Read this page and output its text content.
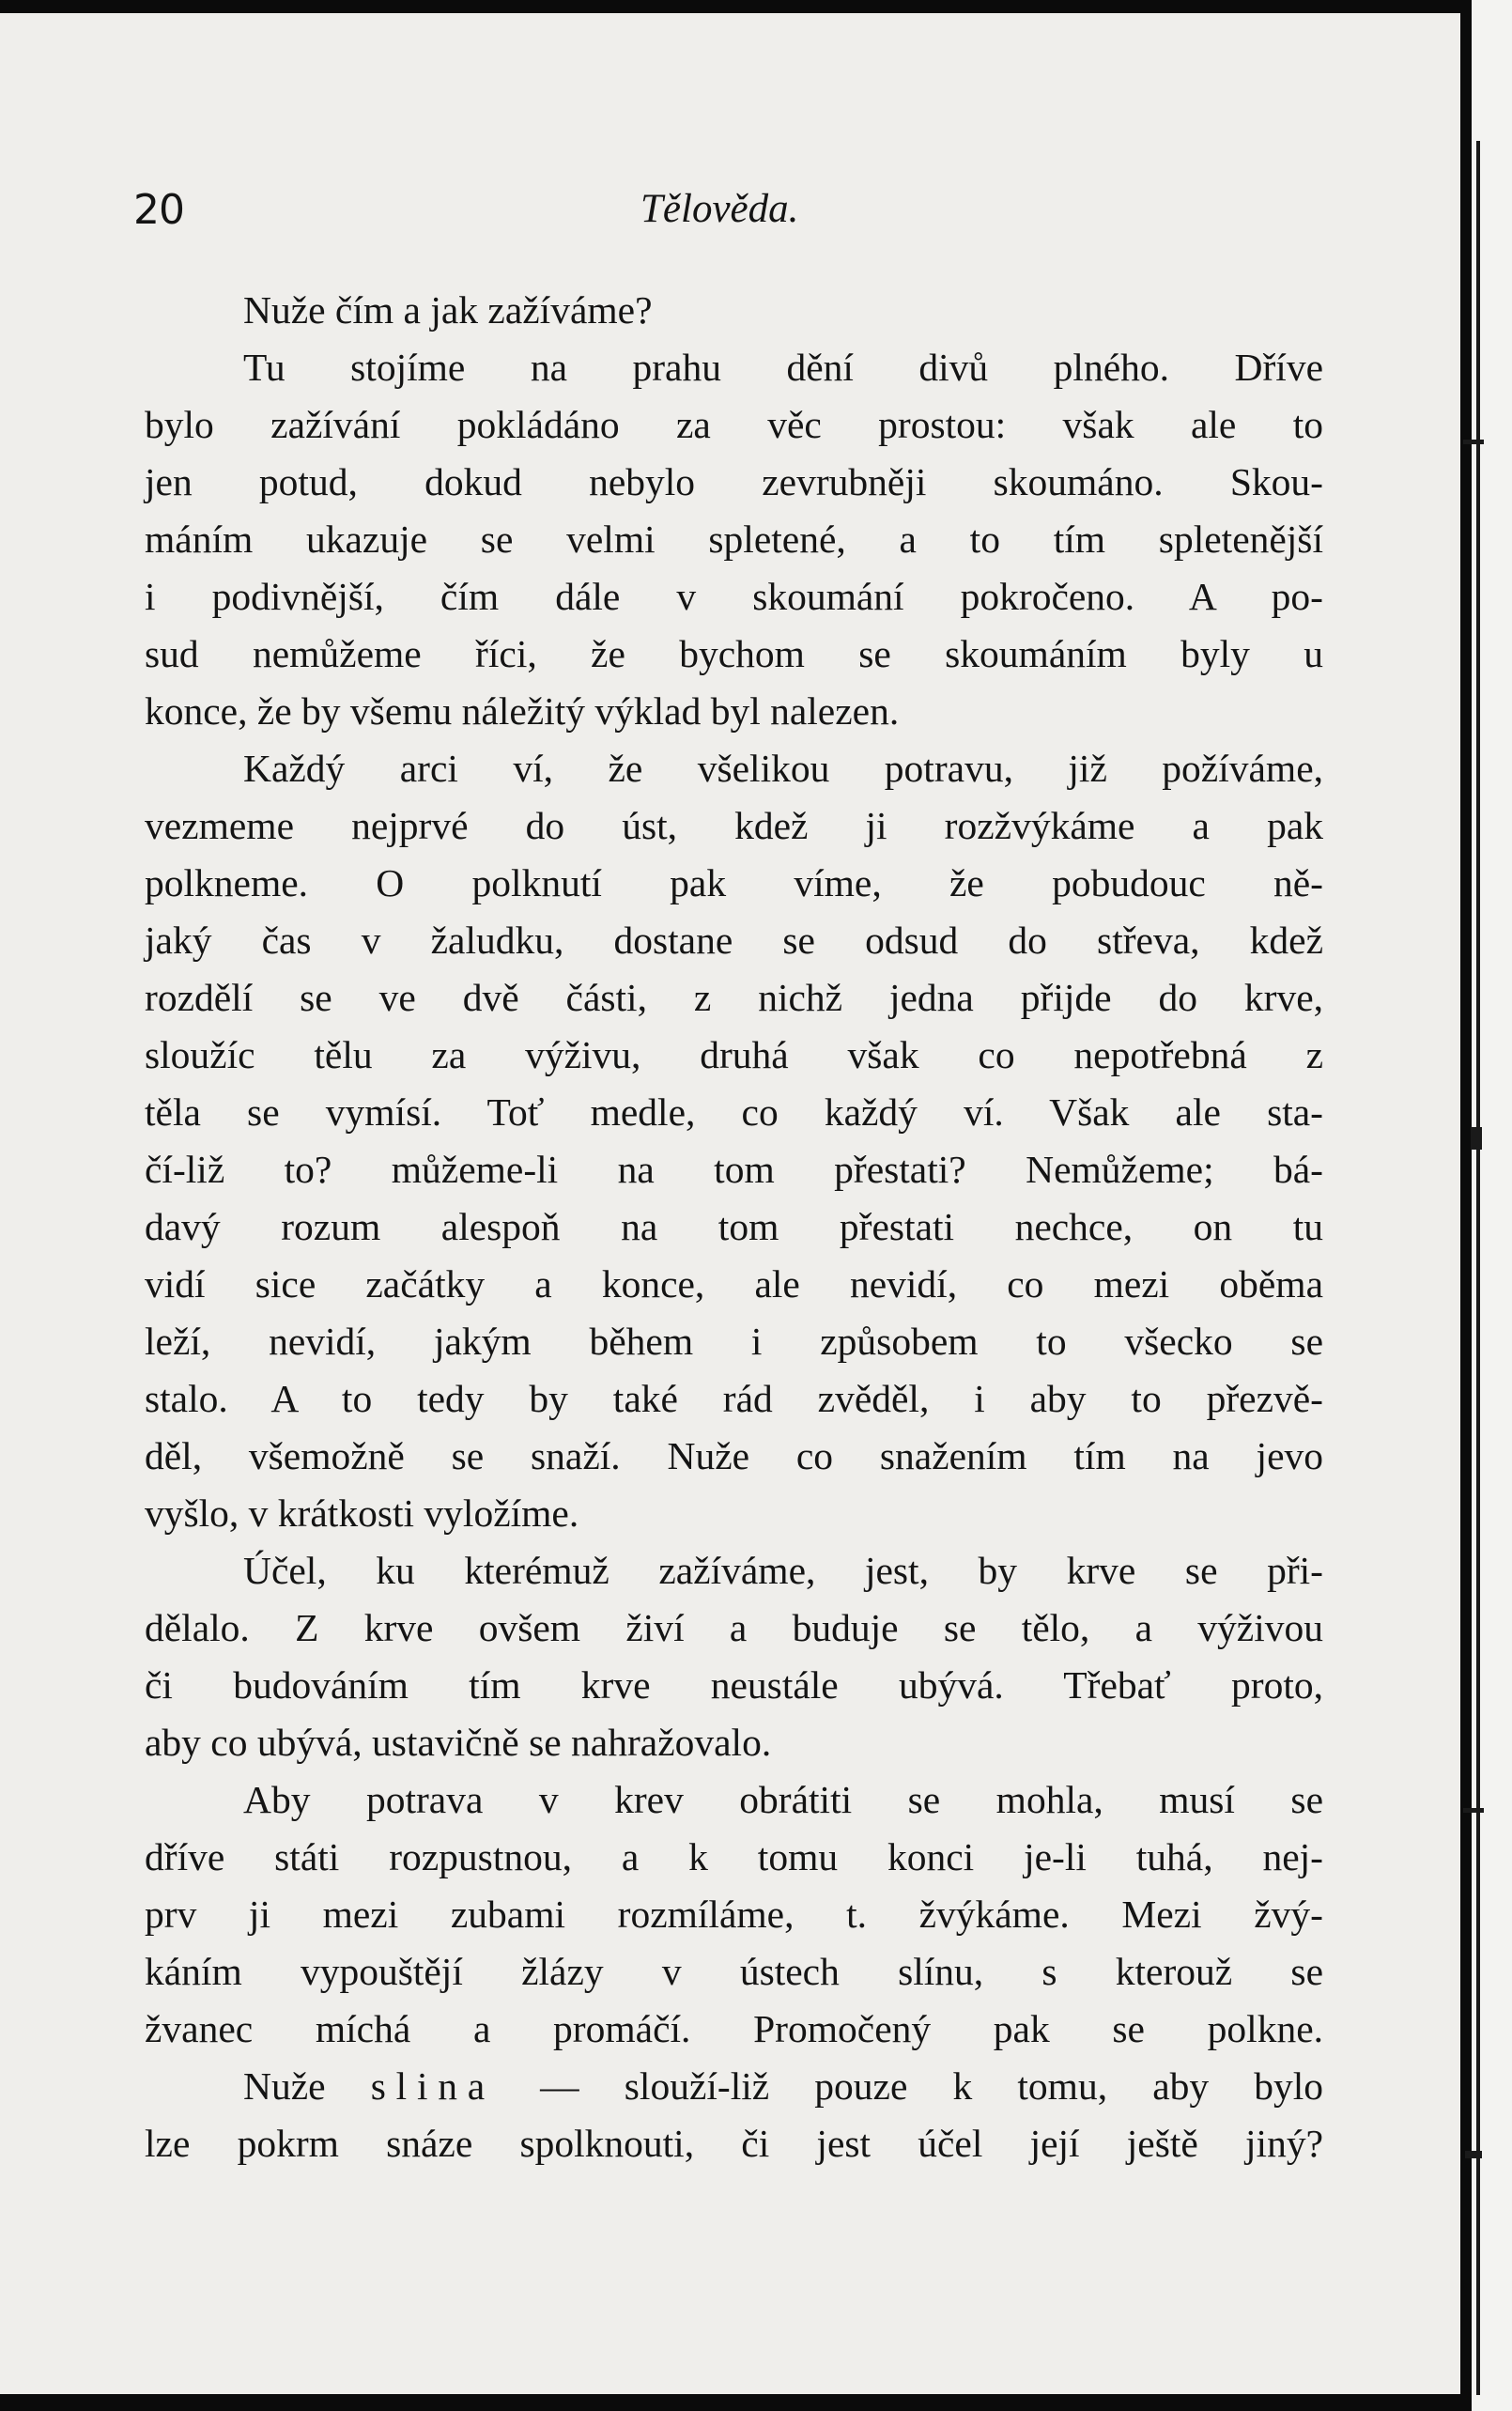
20	Tělověda.
Nuže čím a jak zažíváme?
Tu stojíme na prahu dění divů plného. Dříve
bylo zažívání pokládáno za věc prostou: však ale to
jen potud, dokud nebylo zevrubněji skoumáno. Skou-
máním ukazuje se velmi spletené, a to tím spletenější
i podivnější, čím dále v skoumání pokročeno. A po-
sud nemůžeme říci, že bychom se skoumáním byly u
konce, že by všemu náležitý výklad byl nalezen.
Každý arci ví, že všelikou potravu, již požíváme,
vezmeme nejprvé do úst, kdež ji rozžvýkáme a pak
polkneme. O polknutí pak víme, že pobudouc ně-
jaký čas v žaludku, dostane se odsud do střeva, kdež
rozdělí se ve dvě části, z nichž jedna přijde do krve,
sloužíc tělu za výživu, druhá však co nepotřebná z
těla se vymísí. Toť medle, co každý ví. Však ale sta-
čí-liž to? můžeme-li na tom přestati? Nemůžeme; bá-
davý rozum alespoň na tom přestati nechce, on tu
vidí sice začátky a konce, ale nevidí, co mezi oběma
leží, nevidí, jakým během i způsobem to všecko se
stalo. A to tedy by také rád zvěděl, i aby to přezvě-
děl, všemožně se snaží. Nuže co snažením tím na jevo
vyšlo, v krátkosti vyložíme.
Účel, ku kterémuž zažíváme, jest, by krve se při-
dělalo. Z krve ovšem živí a buduje se tělo, a výživou
či budováním tím krve neustále ubývá. Třebať proto,
aby co ubývá, ustavičně se nahražovalo.
Aby potrava v krev obrátiti se mohla, musí se
dříve státi rozpustnou, a k tomu konci je-li tuhá, nej-
prv ji mezi zubami rozmíláme, t. žvýkáme. Mezi žvý-
káním vypouštějí žlázy v ústech slínu, s kterouž se
žvanec míchá a promáčí. Promočený pak se polkne.
Nuže slina — slouží-liž pouze k tomu, aby bylo
lze pokrm snáze spolknouti, či jest účel její ještě jiný?
